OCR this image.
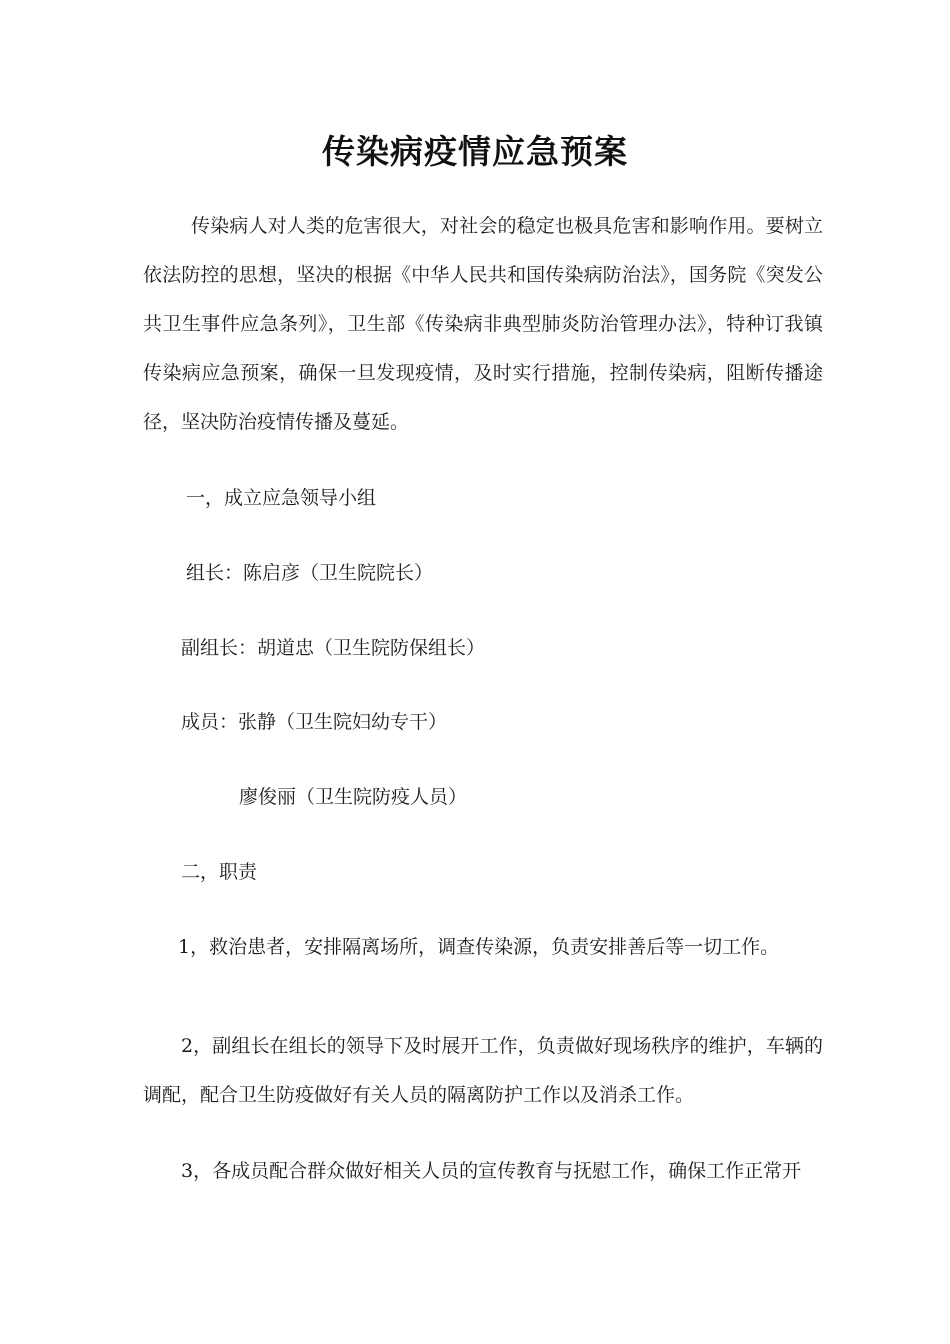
传染病疫情应急预案

传染病人对人类的危害很大，对社会的稳定也极具危害和影响作用。要树立依法防控的思想，坚决的根据《中华人民共和国传染病防治法》，国务院《突发公共卫生事件应急条列》，卫生部《传染病非典型肺炎防治管理办法》，特种订我镇传染病应急预案，确保一旦发现疫情，及时实行措施，控制传染病，阻断传播途径，坚决防治疫情传播及蔓延。

一，成立应急领导小组

组长：陈启彦（卫生院院长）

副组长：胡道忠（卫生院防保组长）

成员：张静（卫生院妇幼专干）

廖俊丽（卫生院防疫人员）

二，职责

1，救治患者，安排隔离场所，调查传染源，负责安排善后等一切工作。

2，副组长在组长的领导下及时展开工作，负责做好现场秩序的维护，车辆的调配，配合卫生防疫做好有关人员的隔离防护工作以及消杀工作。

3，各成员配合群众做好相关人员的宣传教育与抚慰工作，确保工作正常开
